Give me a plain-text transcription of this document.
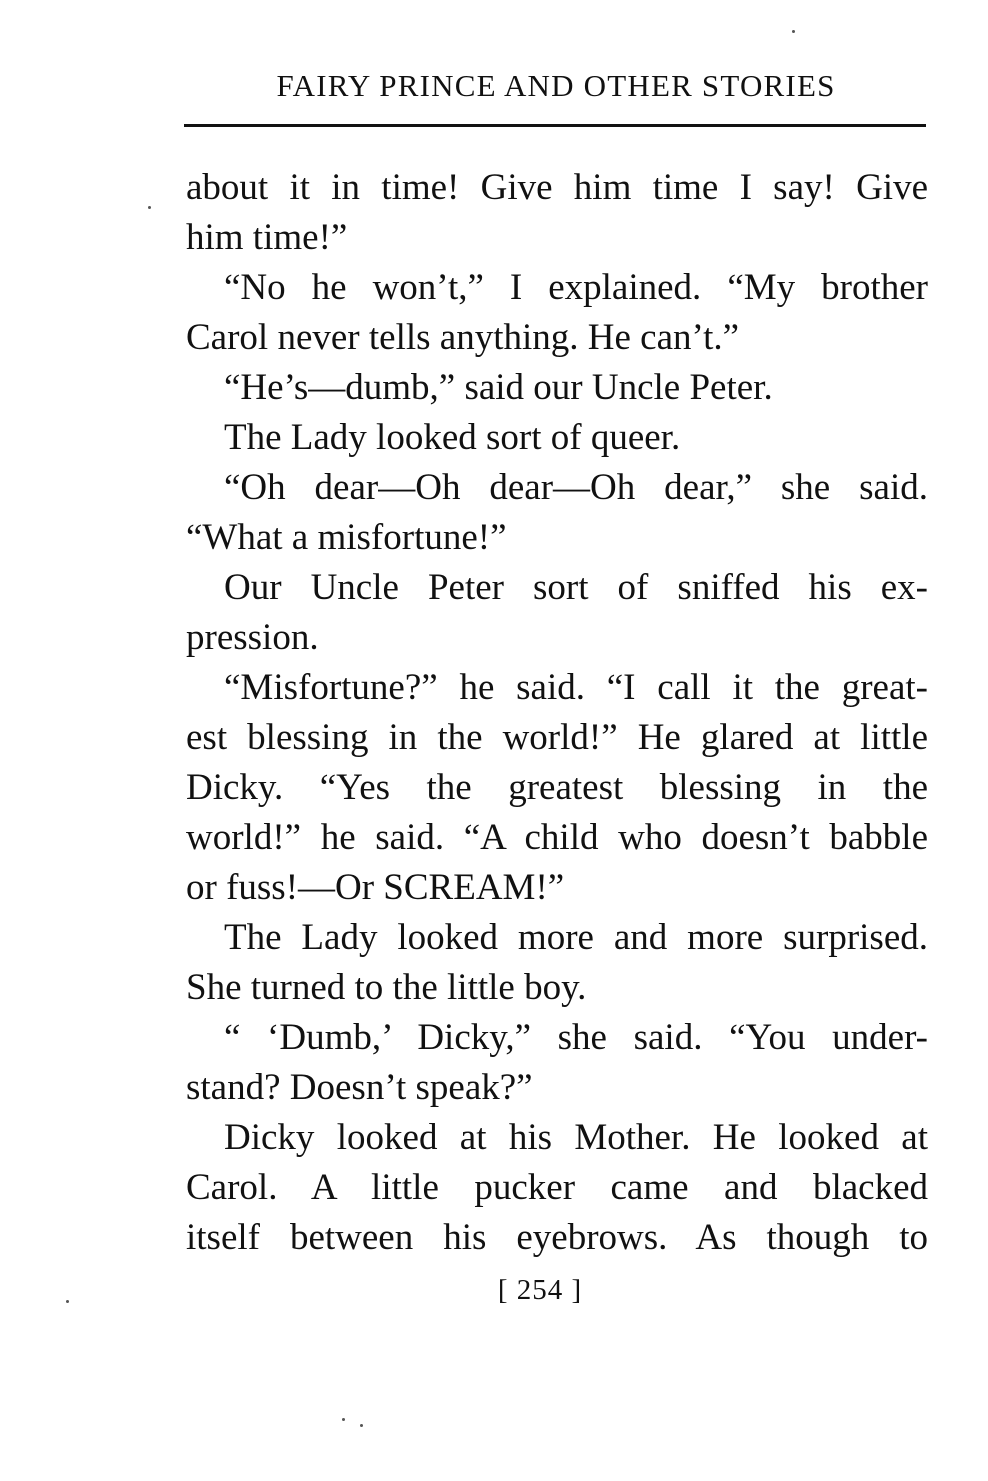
FAIRY PRINCE AND OTHER STORIES
about it in time! Give him time I say! Give
him time!”
“No he won’t,” I explained. “My brother
Carol never tells anything. He can’t.”
“He’s—dumb,” said our Uncle Peter.
The Lady looked sort of queer.
“Oh dear—Oh dear—Oh dear,” she said.
“What a misfortune!”
Our Uncle Peter sort of sniffed his ex-
pression.
“Misfortune?” he said. “I call it the great-
est blessing in the world!” He glared at little
Dicky. “Yes the greatest blessing in the
world!” he said. “A child who doesn’t babble
or fuss!—Or SCREAM!”
The Lady looked more and more surprised.
She turned to the little boy.
“ ‘Dumb,’ Dicky,” she said. “You under-
stand? Doesn’t speak?”
Dicky looked at his Mother. He looked at
Carol. A little pucker came and blacked
itself between his eyebrows. As though to
[ 254 ]
